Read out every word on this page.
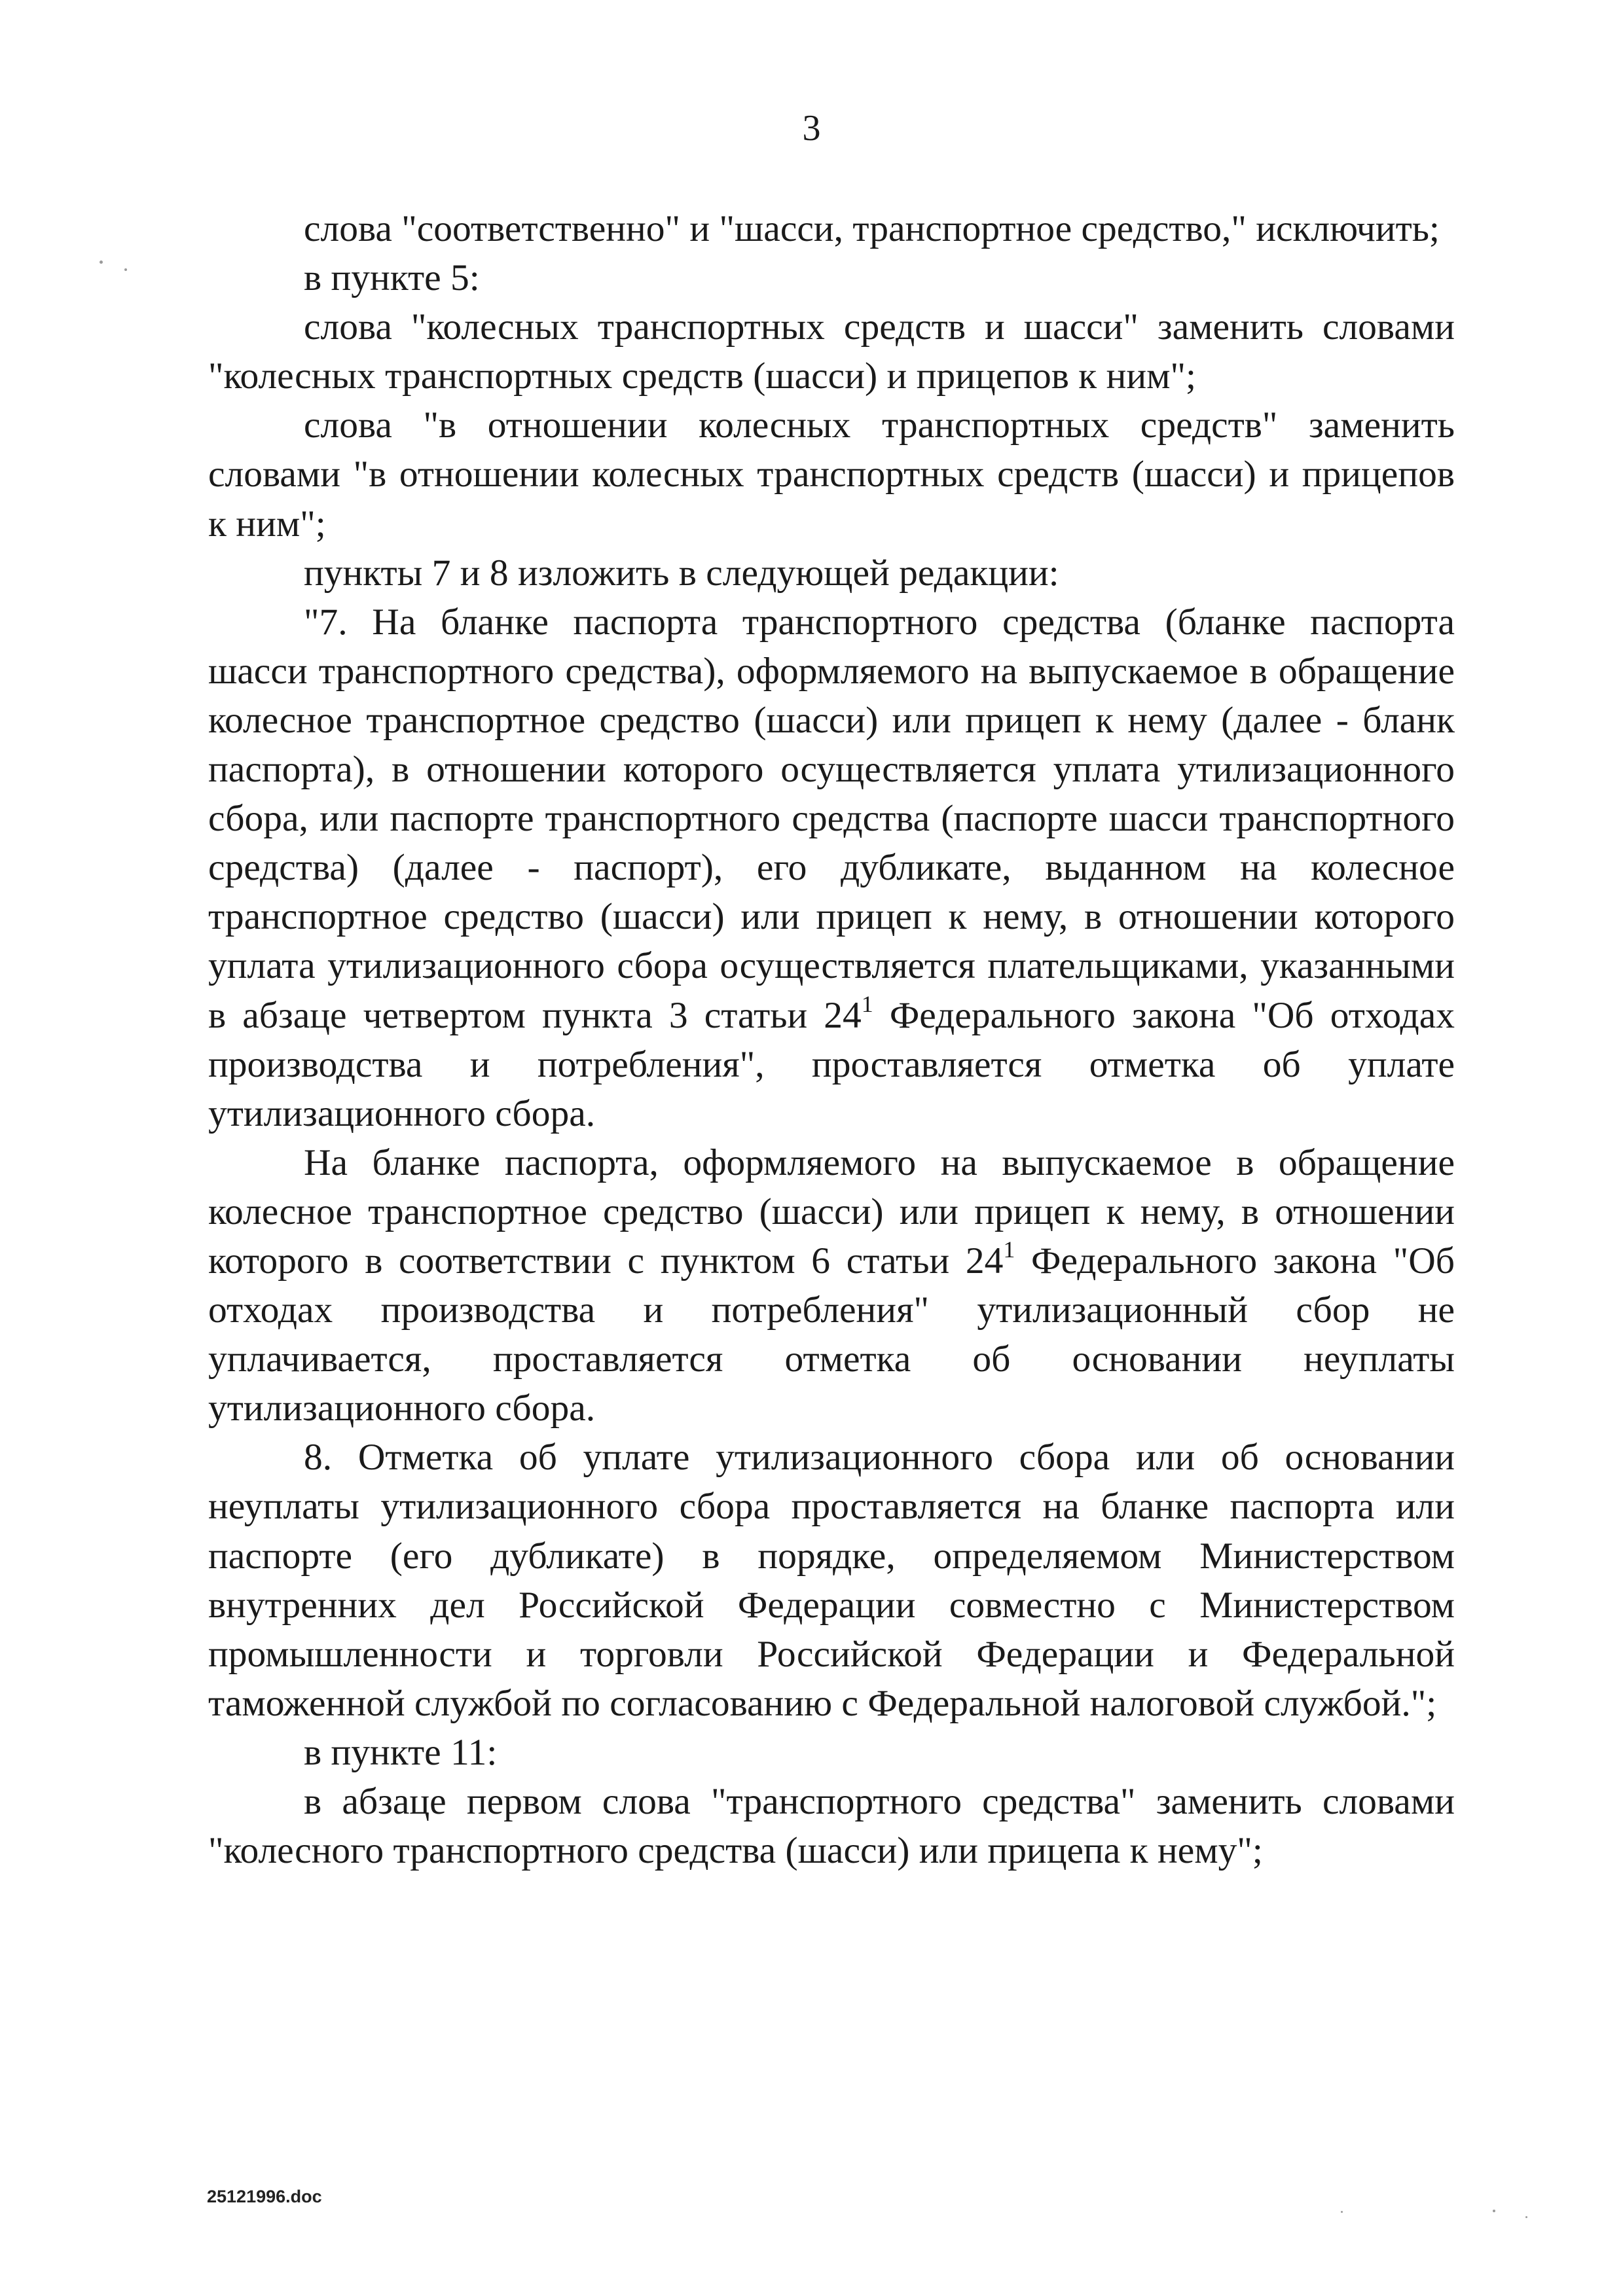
3

слова "соответственно" и "шасси, транспортное средство," исключить;

в пункте 5:

слова "колесных транспортных средств и шасси" заменить словами "колесных транспортных средств (шасси) и прицепов к ним";

слова "в отношении колесных транспортных средств" заменить словами "в отношении колесных транспортных средств (шасси) и прицепов к ним";

пункты 7 и 8 изложить в следующей редакции:

"7. На бланке паспорта транспортного средства (бланке паспорта шасси транспортного средства), оформляемого на выпускаемое в обращение колесное транспортное средство (шасси) или прицеп к нему (далее - бланк паспорта), в отношении которого осуществляется уплата утилизационного сбора, или паспорте транспортного средства (паспорте шасси транспортного средства) (далее - паспорт), его дубликате, выданном на колесное транспортное средство (шасси) или прицеп к нему, в отношении которого уплата утилизационного сбора осуществляется плательщиками, указанными в абзаце четвертом пункта 3 статьи $24^1$ Федерального закона "Об отходах производства и потребления", проставляется отметка об уплате утилизационного сбора.

На бланке паспорта, оформляемого на выпускаемое в обращение колесное транспортное средство (шасси) или прицеп к нему, в отношении которого в соответствии с пунктом 6 статьи $24^1$ Федерального закона "Об отходах производства и потребления" утилизационный сбор не уплачивается, проставляется отметка об основании неуплаты утилизационного сбора.

8. Отметка об уплате утилизационного сбора или об основании неуплаты утилизационного сбора проставляется на бланке паспорта или паспорте (его дубликате) в порядке, определяемом Министерством внутренних дел Российской Федерации совместно с Министерством промышленности и торговли Российской Федерации и Федеральной таможенной службой по согласованию с Федеральной налоговой службой.";

в пункте 11:

в абзаце первом слова "транспортного средства" заменить словами "колесного транспортного средства (шасси) или прицепа к нему";

25121996.doc
